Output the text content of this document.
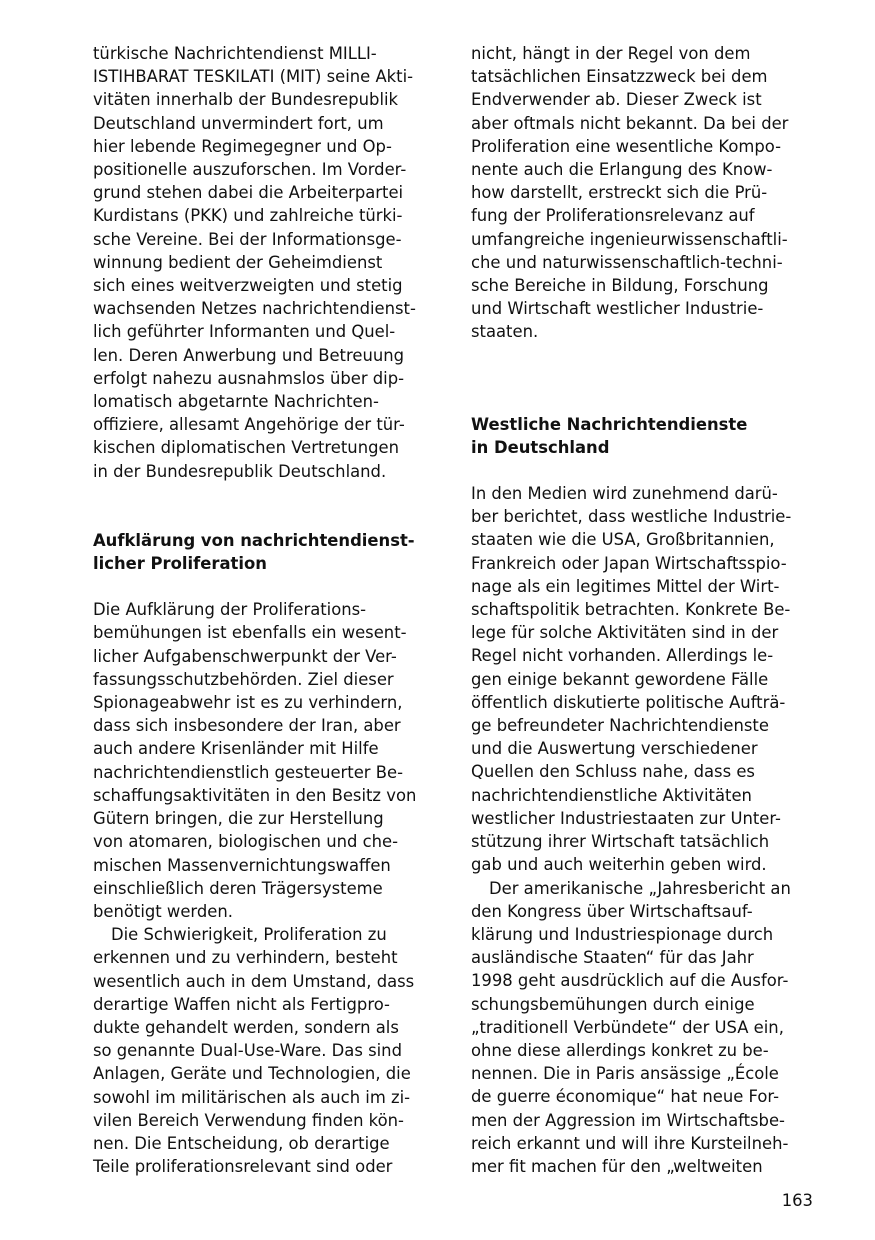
türkische Nachrichtendienst MILLI-
ISTIHBARAT TESKILATI (MIT) seine Akti-
vitäten innerhalb der Bundesrepublik
Deutschland unvermindert fort, um
hier lebende Regimegegner und Op-
positionelle auszuforschen. Im Vorder-
grund stehen dabei die Arbeiterpartei
Kurdistans (PKK) und zahlreiche türki-
sche Vereine. Bei der Informationsge-
winnung bedient der Geheimdienst
sich eines weitverzweigten und stetig
wachsenden Netzes nachrichtendienst-
lich geführter Informanten und Quel-
len. Deren Anwerbung und Betreuung
erfolgt nahezu ausnahmslos über dip-
lomatisch abgetarnte Nachrichten-
offiziere, allesamt Angehörige der tür-
kischen diplomatischen Vertretungen
in der Bundesrepublik Deutschland.

Aufklärung von nachrichtendienst-
licher Proliferation

Die Aufklärung der Proliferations-
bemühungen ist ebenfalls ein wesent-
licher Aufgabenschwerpunkt der Ver-
fassungsschutzbehörden. Ziel dieser
Spionageabwehr ist es zu verhindern,
dass sich insbesondere der Iran, aber
auch andere Krisenländer mit Hilfe
nachrichtendienstlich gesteuerter Be-
schaffungsaktivitäten in den Besitz von
Gütern bringen, die zur Herstellung
von atomaren, biologischen und che-
mischen Massenvernichtungswaffen
einschließlich deren Trägersysteme
benötigt werden.

Die Schwierigkeit, Proliferation zu
erkennen und zu verhindern, besteht
wesentlich auch in dem Umstand, dass
derartige Waffen nicht als Fertigpro-
dukte gehandelt werden, sondern als
so genannte Dual-Use-Ware. Das sind
Anlagen, Geräte und Technologien, die
sowohl im militärischen als auch im zi-
vilen Bereich Verwendung finden kön-
nen. Die Entscheidung, ob derartige
Teile proliferationsrelevant sind oder

nicht, hängt in der Regel von dem
tatsächlichen Einsatzzweck bei dem
Endverwender ab. Dieser Zweck ist
aber oftmals nicht bekannt. Da bei der
Proliferation eine wesentliche Kompo-
nente auch die Erlangung des Know-
how darstellt, erstreckt sich die Prü-
fung der Proliferationsrelevanz auf
umfangreiche ingenieurwissenschaftli-
che und naturwissenschaftlich-techni-
sche Bereiche in Bildung, Forschung
und Wirtschaft westlicher Industrie-
staaten.

Westliche Nachrichtendienste
in Deutschland

In den Medien wird zunehmend darü-
ber berichtet, dass westliche Industrie-
staaten wie die USA, Großbritannien,
Frankreich oder Japan Wirtschaftsspio-
nage als ein legitimes Mittel der Wirt-
schaftspolitik betrachten. Konkrete Be-
lege für solche Aktivitäten sind in der
Regel nicht vorhanden. Allerdings le-
gen einige bekannt gewordene Fälle
öffentlich diskutierte politische Aufträ-
ge befreundeter Nachrichtendienste
und die Auswertung verschiedener
Quellen den Schluss nahe, dass es
nachrichtendienstliche Aktivitäten
westlicher Industriestaaten zur Unter-
stützung ihrer Wirtschaft tatsächlich
gab und auch weiterhin geben wird.

Der amerikanische „Jahresbericht an
den Kongress über Wirtschaftsauf-
klärung und Industriespionage durch
ausländische Staaten“ für das Jahr
1998 geht ausdrücklich auf die Ausfor-
schungsbemühungen durch einige
„traditionell Verbündete“ der USA ein,
ohne diese allerdings konkret zu be-
nennen. Die in Paris ansässige „École
de guerre économique“ hat neue For-
men der Aggression im Wirtschaftsbe-
reich erkannt und will ihre Kursteilneh-
mer fit machen für den „weltweiten

163
